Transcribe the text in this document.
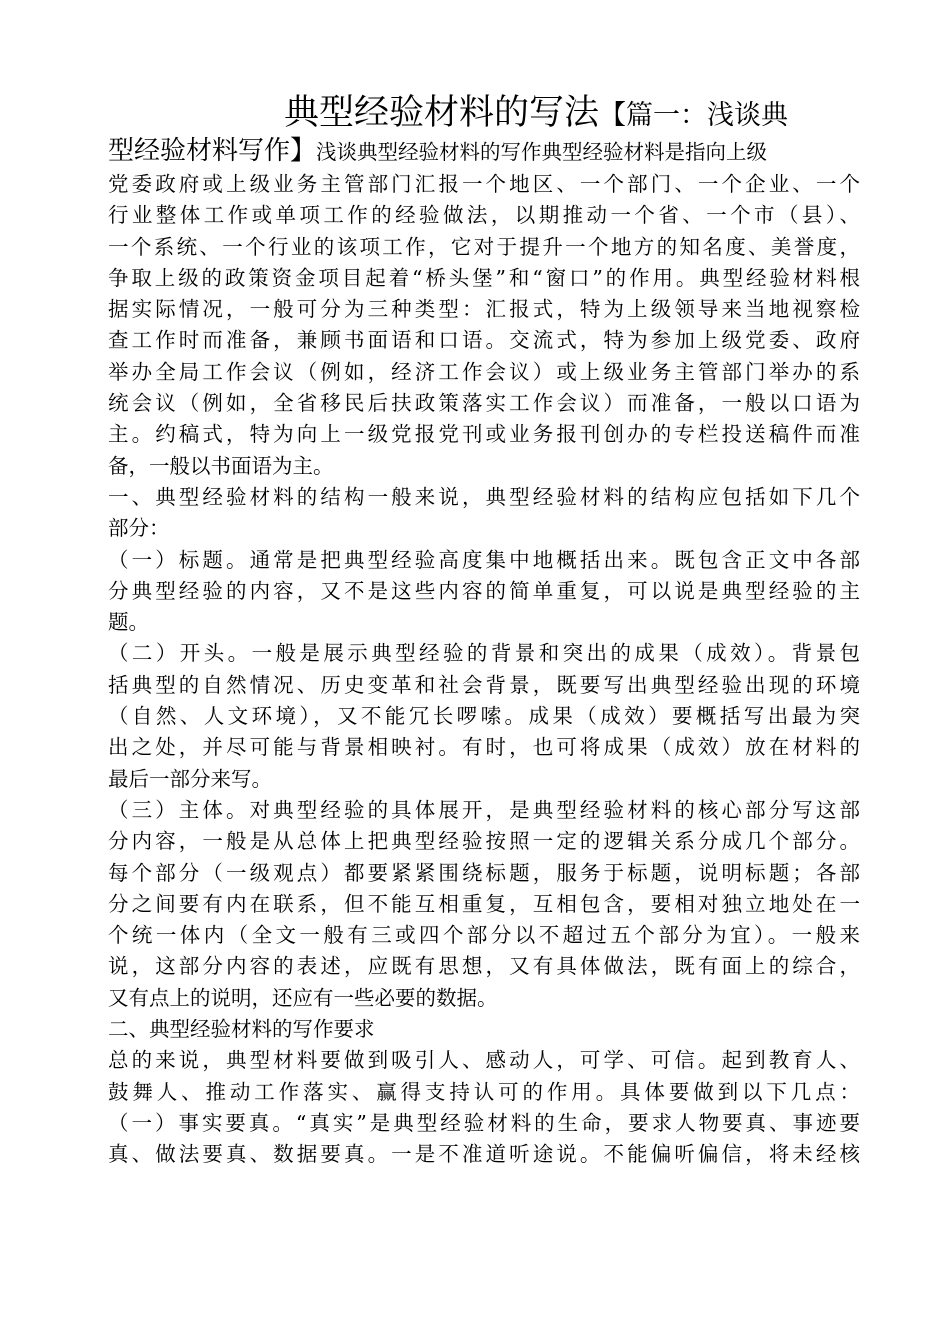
典型经验材料的写法【篇一：浅谈典
型经验材料写作】浅谈典型经验材料的写作典型经验材料是指向上级
党委政府或上级业务主管部门汇报一个地区、一个部门、一个企业、一个
行业整体工作或单项工作的经验做法，以期推动一个省、一个市（县）、
一个系统、一个行业的该项工作，它对于提升一个地方的知名度、美誉度，
争取上级的政策资金项目起着“桥头堡”和“窗口”的作用。典型经验材料根
据实际情况，一般可分为三种类型：汇报式，特为上级领导来当地视察检
查工作时而准备，兼顾书面语和口语。交流式，特为参加上级党委、政府
举办全局工作会议（例如，经济工作会议）或上级业务主管部门举办的系
统会议（例如，全省移民后扶政策落实工作会议）而准备，一般以口语为
主。约稿式，特为向上一级党报党刊或业务报刊创办的专栏投送稿件而准
备，一般以书面语为主。
一、典型经验材料的结构一般来说，典型经验材料的结构应包括如下几个
部分：
（一）标题。通常是把典型经验高度集中地概括出来。既包含正文中各部
分典型经验的内容，又不是这些内容的简单重复，可以说是典型经验的主
题。
（二）开头。一般是展示典型经验的背景和突出的成果（成效）。背景包
括典型的自然情况、历史变革和社会背景，既要写出典型经验出现的环境
（自然、人文环境），又不能冗长啰嗦。成果（成效）要概括写出最为突
出之处，并尽可能与背景相映衬。有时，也可将成果（成效）放在材料的
最后一部分来写。
（三）主体。对典型经验的具体展开，是典型经验材料的核心部分写这部
分内容，一般是从总体上把典型经验按照一定的逻辑关系分成几个部分。
每个部分（一级观点）都要紧紧围绕标题，服务于标题，说明标题；各部
分之间要有内在联系，但不能互相重复，互相包含，要相对独立地处在一
个统一体内（全文一般有三或四个部分以不超过五个部分为宜）。一般来
说，这部分内容的表述，应既有思想，又有具体做法，既有面上的综合，
又有点上的说明，还应有一些必要的数据。
二、典型经验材料的写作要求
总的来说，典型材料要做到吸引人、感动人，可学、可信。起到教育人、
鼓舞人、推动工作落实、赢得支持认可的作用。具体要做到以下几点：
（一）事实要真。“真实”是典型经验材料的生命，要求人物要真、事迹要
真、做法要真、数据要真。一是不准道听途说。不能偏听偏信，将未经核
